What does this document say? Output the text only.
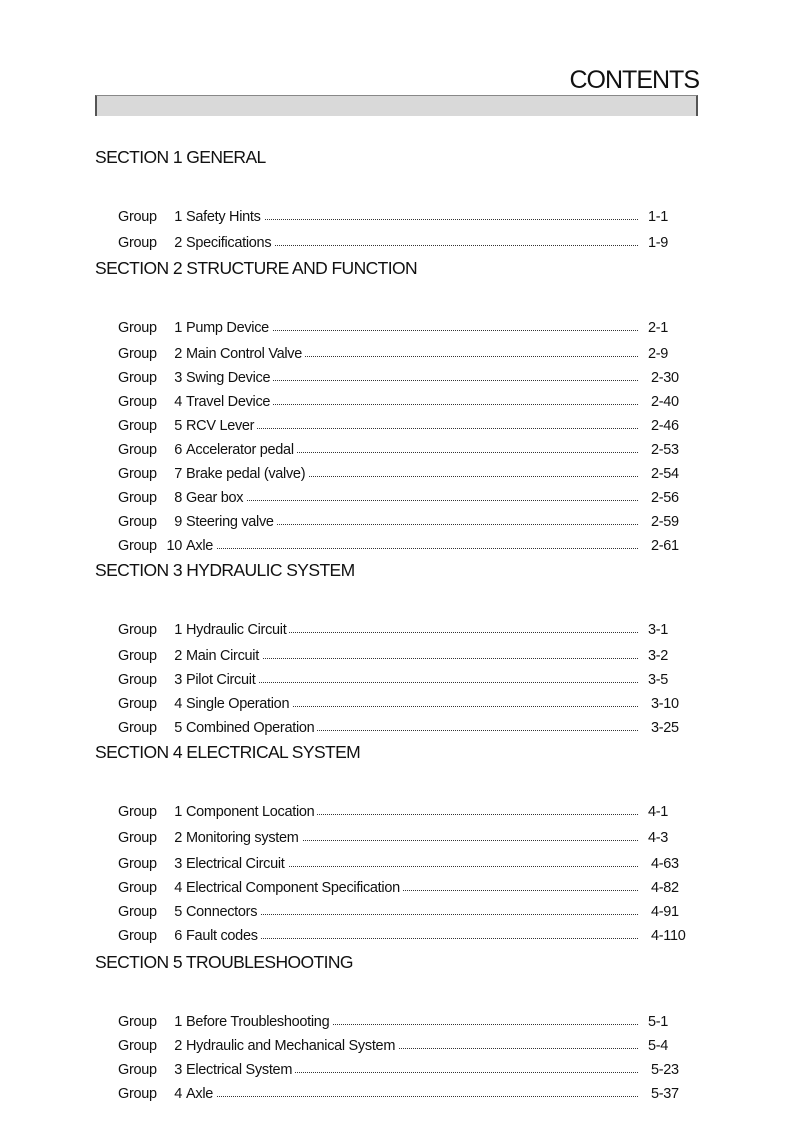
CONTENTS
SECTION 1 GENERAL
Group	1 Safety Hints	1-1
Group	2 Specifications	1-9
SECTION 2 STRUCTURE AND FUNCTION
Group	1 Pump Device	2-1
Group	2 Main Control Valve	2-9
Group	3 Swing Device	2-30
Group	4 Travel Device	2-40
Group	5 RCV Lever	2-46
Group	6 Accelerator pedal	2-53
Group	7 Brake pedal (valve)	2-54
Group	8 Gear box	2-56
Group	9 Steering valve	2-59
Group 10 Axle	2-61
SECTION 3 HYDRAULIC SYSTEM
Group	1 Hydraulic Circuit	3-1
Group	2 Main Circuit	3-2
Group	3 Pilot Circuit	3-5
Group	4 Single Operation	3-10
Group	5 Combined Operation	3-25
SECTION 4 ELECTRICAL SYSTEM
Group	1 Component Location	4-1
Group	2 Monitoring system	4-3
Group	3 Electrical Circuit	4-63
Group	4 Electrical Component Specification	4-82
Group	5 Connectors	4-91
Group	6 Fault codes	4-110
SECTION 5 TROUBLESHOOTING
Group	1 Before Troubleshooting	5-1
Group	2 Hydraulic and Mechanical System	5-4
Group	3 Electrical System	5-23
Group	4 Axle	5-37
